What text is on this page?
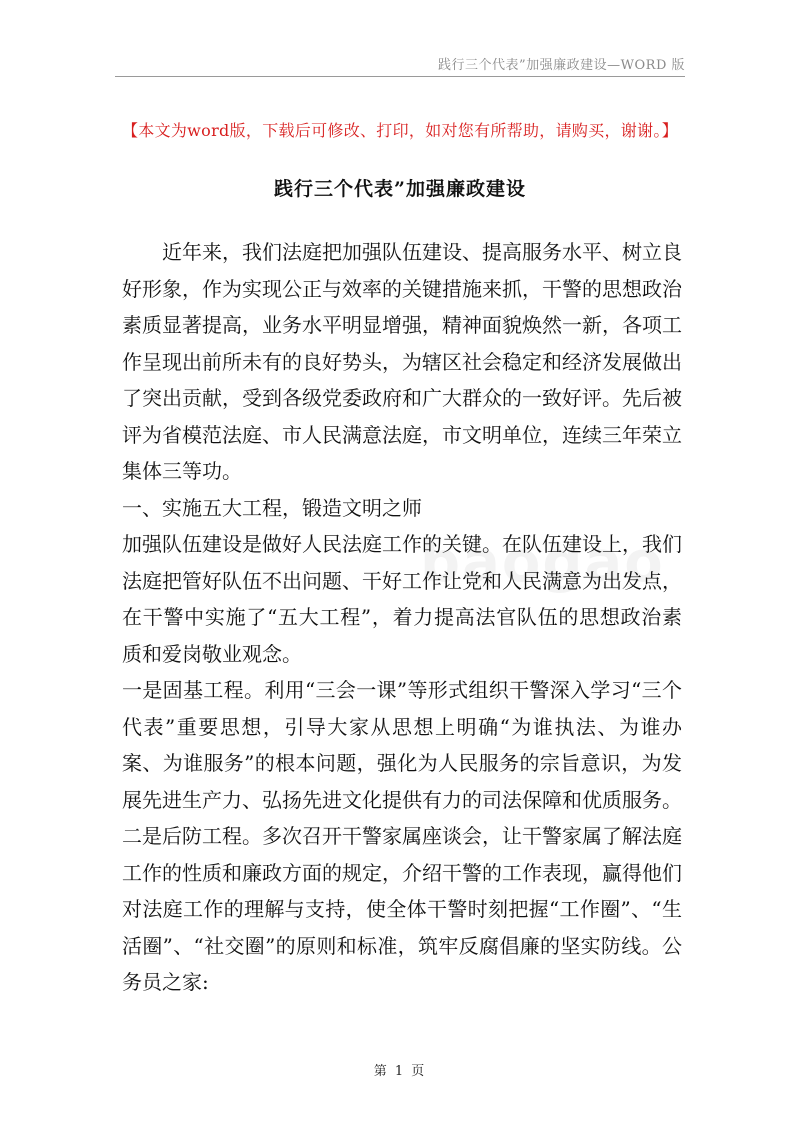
践行三个代表”加强廉政建设—WORD 版
【本文为word版，下载后可修改、打印，如对您有所帮助，请购买，谢谢。】
践行三个代表”加强廉政建设

近年来，我们法庭把加强队伍建设、提高服务水平、树立良好形象，作为实现公正与效率的关键措施来抓，干警的思想政治素质显著提高，业务水平明显增强，精神面貌焕然一新，各项工作呈现出前所未有的良好势头，为辖区社会稳定和经济发展做出了突出贡献，受到各级党委政府和广大群众的一致好评。先后被评为省模范法庭、市人民满意法庭，市文明单位，连续三年荣立集体三等功。

一、实施五大工程，锻造文明之师

加强队伍建设是做好人民法庭工作的关键。在队伍建设上，我们法庭把管好队伍不出问题、干好工作让党和人民满意为出发点，在干警中实施了“五大工程”，着力提高法官队伍的思想政治素质和爱岗敬业观念。

一是固基工程。利用“三会一课”等形式组织干警深入学习“三个代表”重要思想，引导大家从思想上明确“为谁执法、为谁办案、为谁服务”的根本问题，强化为人民服务的宗旨意识，为发展先进生产力、弘扬先进文化提供有力的司法保障和优质服务。

二是后防工程。多次召开干警家属座谈会，让干警家属了解法庭工作的性质和廉政方面的规定，介绍干警的工作表现，赢得他们对法庭工作的理解与支持，使全体干警时刻把握“工作圈”、“生活圈”、“社交圈”的原则和标准，筑牢反腐倡廉的坚实防线。公务员之家:

第 1 页
